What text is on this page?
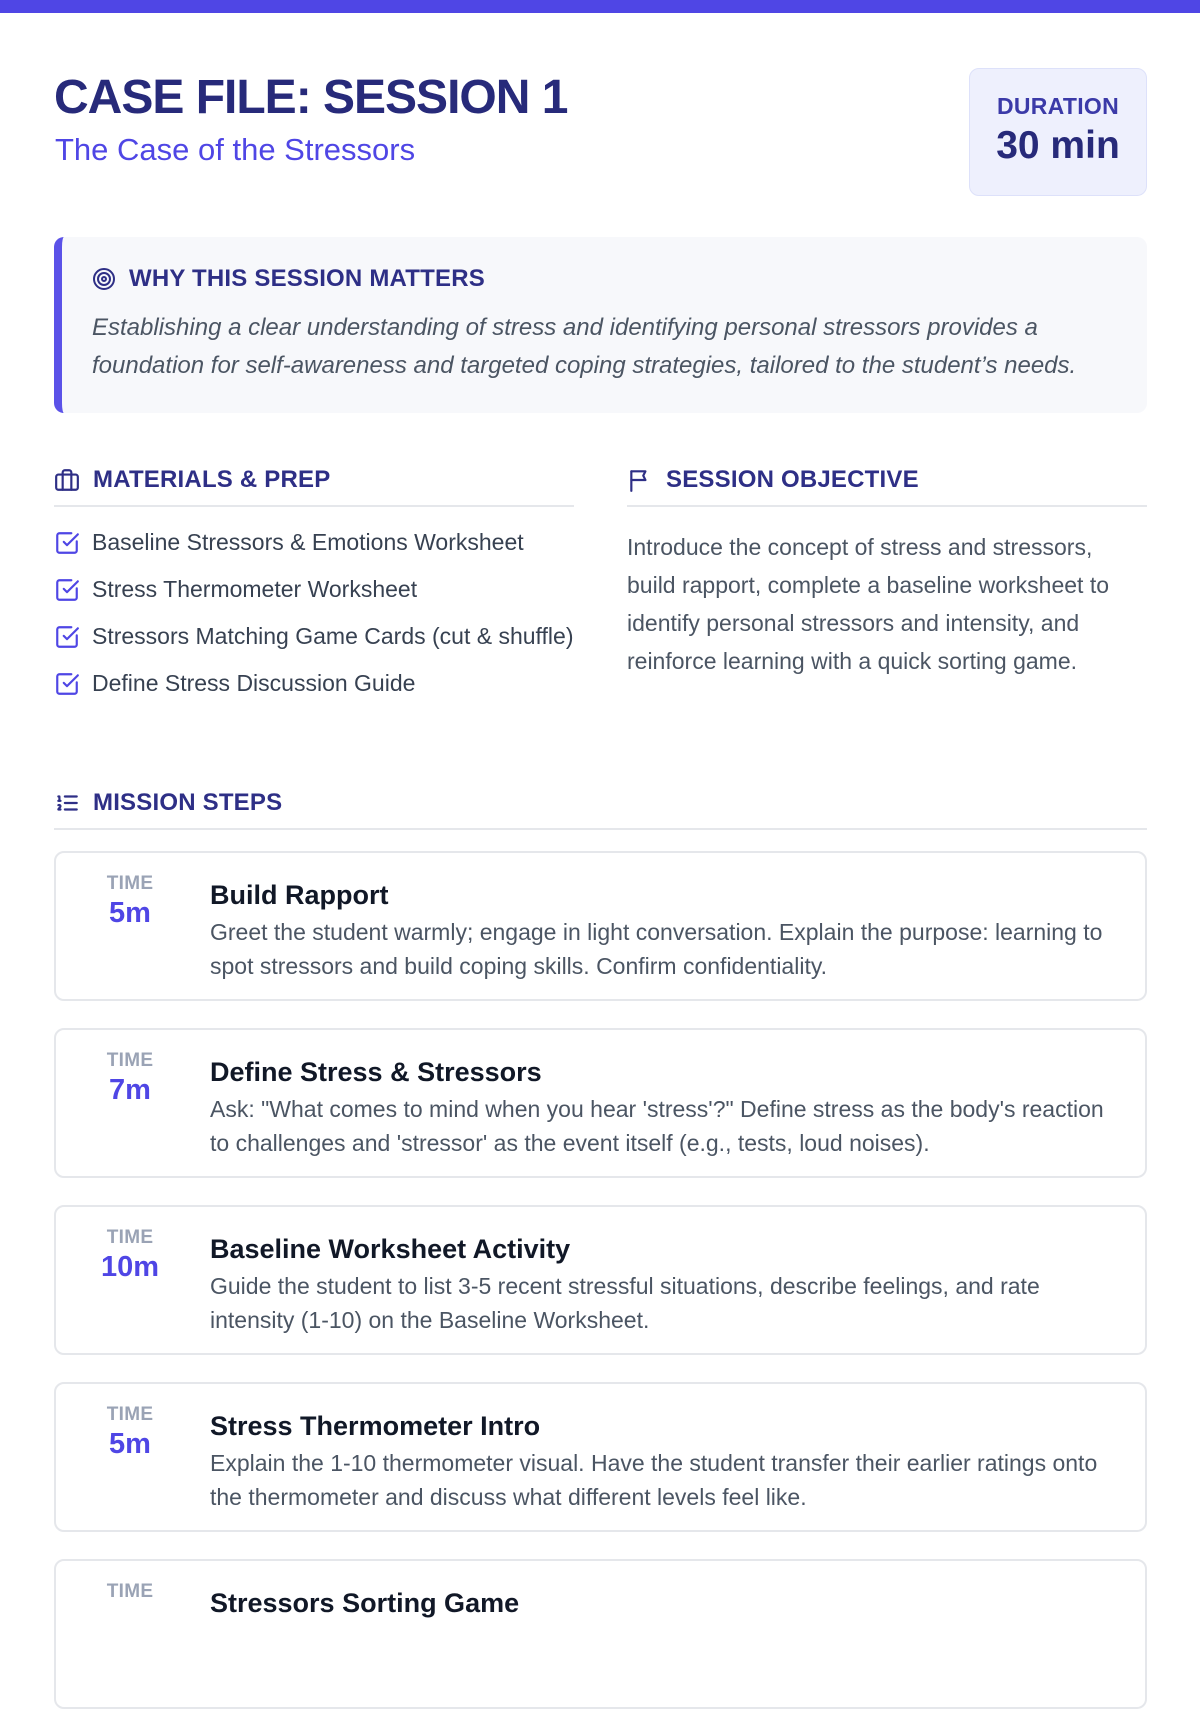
CASE FILE: SESSION 1
The Case of the Stressors
DURATION
30 min
WHY THIS SESSION MATTERS

Establishing a clear understanding of stress and identifying personal stressors provides a foundation for self-awareness and targeted coping strategies, tailored to the student’s needs.

MATERIALS & PREP
Baseline Stressors & Emotions Worksheet
Stress Thermometer Worksheet
Stressors Matching Game Cards (cut & shuffle)
Define Stress Discussion Guide
SESSION OBJECTIVE

Introduce the concept of stress and stressors, build rapport, complete a baseline worksheet to identify personal stressors and intensity, and reinforce learning with a quick sorting game.

MISSION STEPS
TIME
5m
Build Rapport
Greet the student warmly; engage in light conversation. Explain the purpose: learning to spot stressors and build coping skills. Confirm confidentiality.
TIME
7m
Define Stress & Stressors
Ask: "What comes to mind when you hear 'stress'?" Define stress as the body's reaction to challenges and 'stressor' as the event itself (e.g., tests, loud noises).
TIME
10m
Baseline Worksheet Activity
Guide the student to list 3-5 recent stressful situations, describe feelings, and rate intensity (1-10) on the Baseline Worksheet.
TIME
5m
Stress Thermometer Intro
Explain the 1-10 thermometer visual. Have the student transfer their earlier ratings onto the thermometer and discuss what different levels feel like.
TIME	Stressors Sorting Game
